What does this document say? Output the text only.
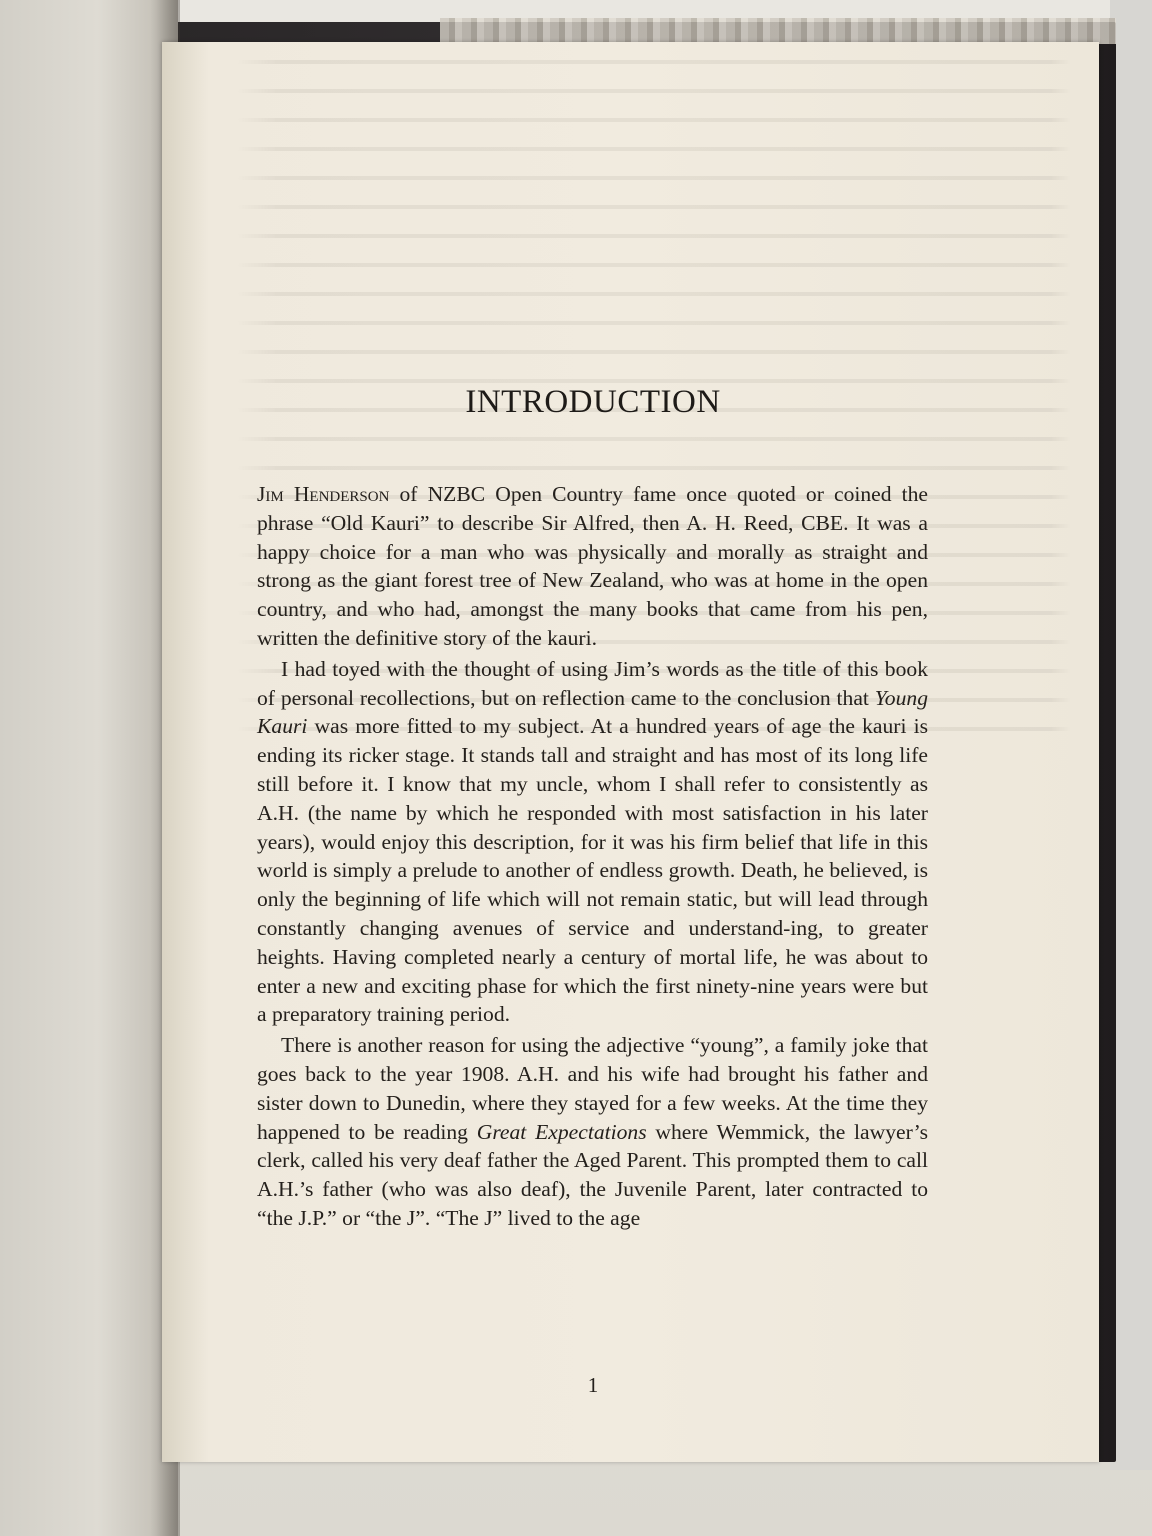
INTRODUCTION

Jim Henderson of NZBC Open Country fame once quoted or coined the phrase “Old Kauri” to describe Sir Alfred, then A. H. Reed, CBE. It was a happy choice for a man who was physically and morally as straight and strong as the giant forest tree of New Zealand, who was at home in the open country, and who had, amongst the many books that came from his pen, written the definitive story of the kauri.

I had toyed with the thought of using Jim’s words as the title of this book of personal recollections, but on reflection came to the conclusion that Young Kauri was more fitted to my subject. At a hundred years of age the kauri is ending its ricker stage. It stands tall and straight and has most of its long life still before it. I know that my uncle, whom I shall refer to consistently as A.H. (the name by which he responded with most satisfaction in his later years), would enjoy this description, for it was his firm belief that life in this world is simply a prelude to another of endless growth. Death, he believed, is only the beginning of life which will not remain static, but will lead through constantly changing avenues of service and understand-ing, to greater heights. Having completed nearly a century of mortal life, he was about to enter a new and exciting phase for which the first ninety-nine years were but a preparatory training period.

There is another reason for using the adjective “young”, a family joke that goes back to the year 1908. A.H. and his wife had brought his father and sister down to Dunedin, where they stayed for a few weeks. At the time they happened to be reading Great Expectations where Wemmick, the lawyer’s clerk, called his very deaf father the Aged Parent. This prompted them to call A.H.’s father (who was also deaf), the Juvenile Parent, later contracted to “the J.P.” or “the J”. “The J” lived to the age

1
